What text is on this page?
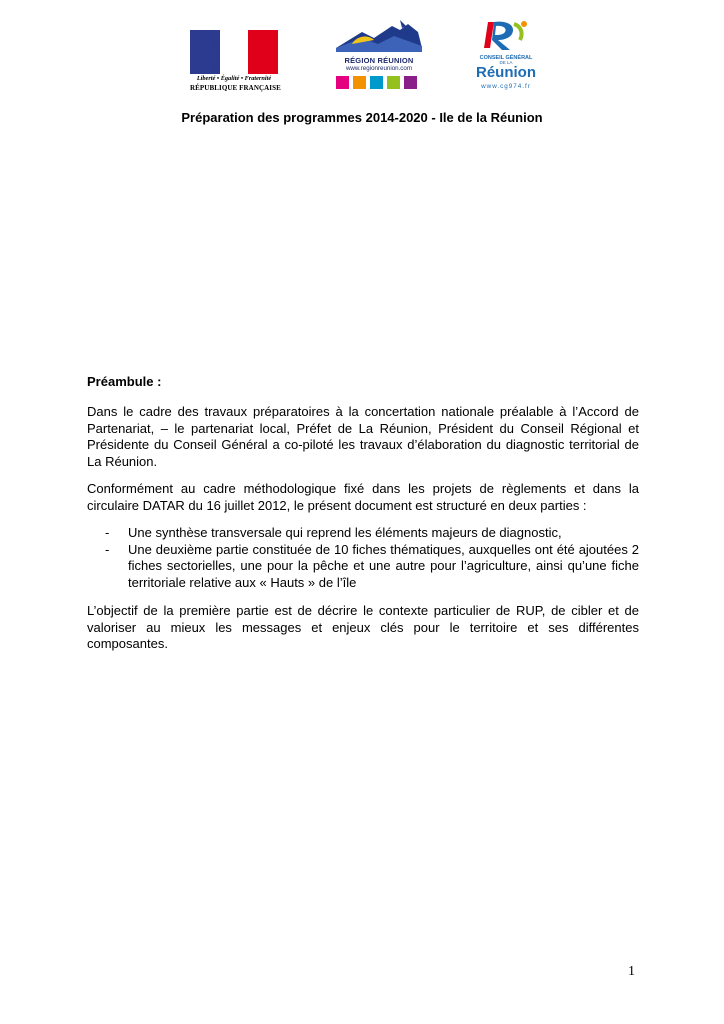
Liberté • Égalité • Fraternité
RÉPUBLIQUE FRANÇAISE
RÉGION RÉUNION
www.regionreunion.com
CONSEIL GÉNÉRAL
DE LA
Réunion
www.cg974.fr
Préparation des programmes 2014-2020 - Ile de la Réunion
Préambule :

Dans le cadre des travaux préparatoires à la concertation nationale préalable à l’Accord de Partenariat, – le partenariat local, Préfet de La Réunion, Président du Conseil Régional et Présidente du Conseil Général a co-piloté les travaux d’élaboration du diagnostic territorial de La Réunion.

Conformément au cadre méthodologique fixé dans les projets de règlements et dans la circulaire DATAR du 16 juillet 2012, le présent document est structuré en deux parties :

- Une synthèse transversale qui reprend les éléments majeurs de diagnostic,
- Une deuxième partie constituée de 10 fiches thématiques, auxquelles ont été ajoutées 2 fiches sectorielles, une pour la pêche et une autre pour l’agriculture, ainsi qu’une fiche territoriale relative aux « Hauts » de l’île

L’objectif de la première partie est de décrire le contexte particulier de RUP, de cibler et de valoriser au mieux les messages et enjeux clés pour le territoire et ses différentes composantes.

1
